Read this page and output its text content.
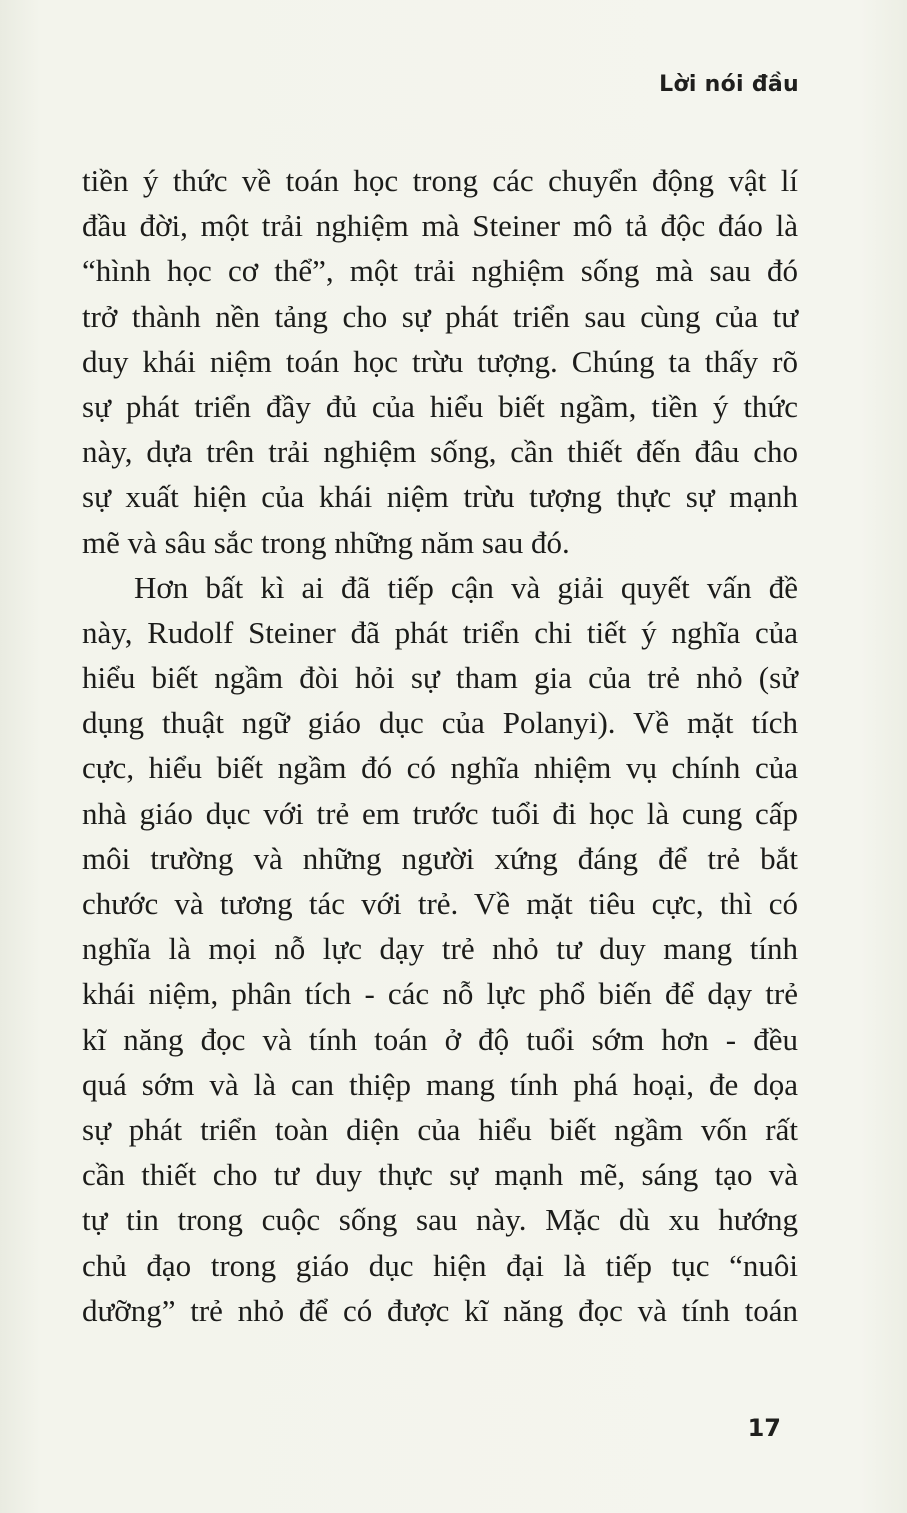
Lời nói đầu
tiền ý thức về toán học trong các chuyển động vật lí
đầu đời, một trải nghiệm mà Steiner mô tả độc đáo là
“hình học cơ thể”, một trải nghiệm sống mà sau đó
trở thành nền tảng cho sự phát triển sau cùng của tư
duy khái niệm toán học trừu tượng. Chúng ta thấy rõ
sự phát triển đầy đủ của hiểu biết ngầm, tiền ý thức
này, dựa trên trải nghiệm sống, cần thiết đến đâu cho
sự xuất hiện của khái niệm trừu tượng thực sự mạnh
mẽ và sâu sắc trong những năm sau đó.
Hơn bất kì ai đã tiếp cận và giải quyết vấn đề
này, Rudolf Steiner đã phát triển chi tiết ý nghĩa của
hiểu biết ngầm đòi hỏi sự tham gia của trẻ nhỏ (sử
dụng thuật ngữ giáo dục của Polanyi). Về mặt tích
cực, hiểu biết ngầm đó có nghĩa nhiệm vụ chính của
nhà giáo dục với trẻ em trước tuổi đi học là cung cấp
môi trường và những người xứng đáng để trẻ bắt
chước và tương tác với trẻ. Về mặt tiêu cực, thì có
nghĩa là mọi nỗ lực dạy trẻ nhỏ tư duy mang tính
khái niệm, phân tích - các nỗ lực phổ biến để dạy trẻ
kĩ năng đọc và tính toán ở độ tuổi sớm hơn - đều
quá sớm và là can thiệp mang tính phá hoại, đe dọa
sự phát triển toàn diện của hiểu biết ngầm vốn rất
cần thiết cho tư duy thực sự mạnh mẽ, sáng tạo và
tự tin trong cuộc sống sau này. Mặc dù xu hướng
chủ đạo trong giáo dục hiện đại là tiếp tục “nuôi
dưỡng” trẻ nhỏ để có được kĩ năng đọc và tính toán
17
